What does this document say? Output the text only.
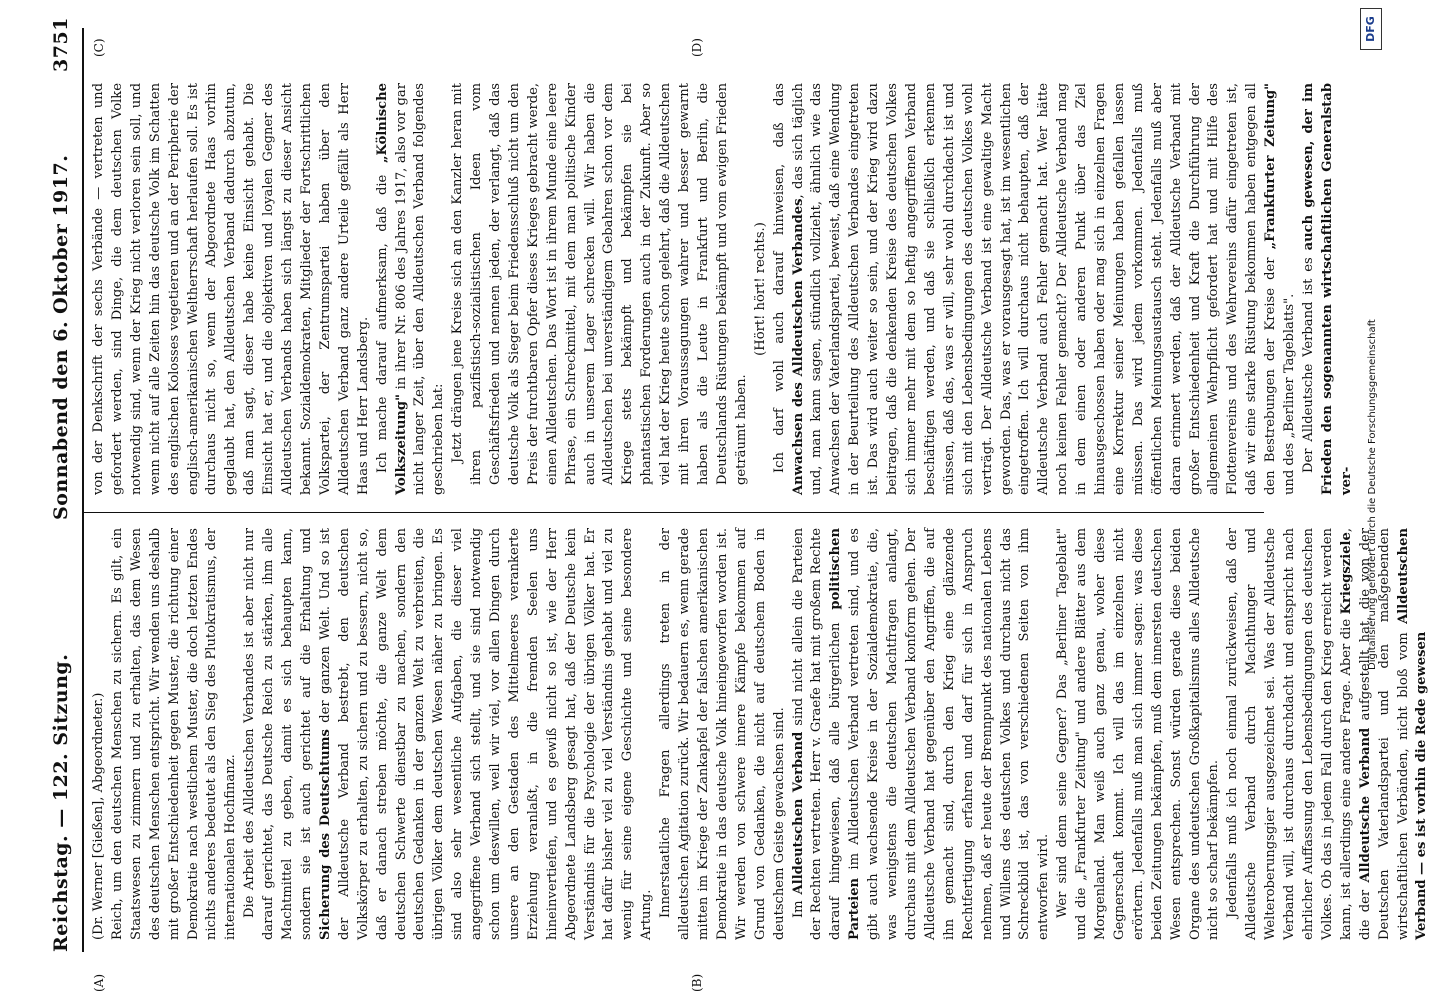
Reichstag. — 122. Sitzung.
Sonnabend den 6. Oktober 1917.
3751
(A)	(B)
(C)	(D)

(Dr. Werner [Gießen], Abgeordneter.) Reich, um den deutschen Menschen zu sichern. Es gilt, ein Staatswesen zu zimmern und zu erhalten, das dem Wesen des deutschen Menschen entspricht. Wir wenden uns deshalb mit großer Entschiedenheit gegen Muster, die richtung einer Demokratie nach westlichem Muster, die doch letzten Endes nichts anderes bedeutet als den Sieg des Plutokratismus, der internationalen Hochfinanz. Die Arbeit des Alldeutschen Verbandes ist aber nicht nur darauf gerichtet, das Deutsche Reich zu stärken, ihm alle Machtmittel zu geben, damit es sich behaupten kann, sondern sie ist auch gerichtet auf die Erhaltung und Sicherung des Deutschtums der ganzen Welt. Und so ist der Alldeutsche Verband bestrebt, den deutschen Volkskörper zu erhalten, zu sichern und zu bessern, nicht so, daß er danach streben möchte, die ganze Welt dem deutschen Schwerte dienstbar zu machen, sondern den deutschen Gedanken in der ganzen Welt zu verbreiten, die übrigen Völker dem deutschen Wesen näher zu bringen. Es sind also sehr wesentliche Aufgaben, die dieser viel angegriffene Verband sich stellt, und sie sind notwendig schon um deswillen, weil wir viel, vor allen Dingen durch unsere an den Gestaden des Mittelmeeres verankerte Erziehung veranlaßt, in die fremden Seelen uns hineinvertiefen, und es gewiß nicht so ist, wie der Herr Abgeordnete Landsberg gesagt hat, daß der Deutsche kein Verständnis für die Psychologie der übrigen Völker hat. Er hat dafür bisher viel zu viel Verständnis gehabt und viel zu wenig für seine eigene Geschichte und seine besondere Artung. Innerstaatliche Fragen allerdings treten in der alldeutschen Agitation zurück. Wir bedauern es, wenn gerade mitten im Kriege der Zankapfel der falschen amerikanischen Demokratie in das deutsche Volk hineingeworfen worden ist. Wir werden von schwere innere Kämpfe bekommen auf Grund von Gedanken, die nicht auf deutschem Boden in deutschem Geiste gewachsen sind. Im Alldeutschen Verband sind nicht allein die Parteien der Rechten vertreten. Herr v. Graefe hat mit großem Rechte darauf hingewiesen, daß alle bürgerlichen politischen Parteien im Alldeutschen Verband vertreten sind, und es gibt auch wachsende Kreise in der Sozialdemokratie, die, was wenigstens die deutschen Machtfragen anlangt, durchaus mit dem Alldeutschen Verband konform gehen. Der Alldeutsche Verband hat gegenüber den Angriffen, die auf ihn gemacht sind, durch den Krieg eine glänzende Rechtfertigung erfahren und darf für sich in Anspruch nehmen, daß er heute der Brennpunkt des nationalen Lebens und Willens des deutschen Volkes und durchaus nicht das Schreckbild ist, das von verschiedenen Seiten von ihm entworfen wird. Wer sind denn seine Gegner? Das „Berliner Tageblatt" und die „Frankfurter Zeitung" und andere Blätter aus dem Morgenland. Man weiß auch ganz genau, woher diese Gegnerschaft kommt. Ich will das im einzelnen nicht erörtern. Jedenfalls muß man sich immer sagen: was diese beiden Zeitungen bekämpfen, muß dem innersten deutschen Wesen entsprechen. Sonst würden gerade diese beiden Organe des undeutschen Großkapitalismus alles Alldeutsche nicht so scharf bekämpfen. Jedenfalls muß ich noch einmal zurückweisen, daß der Alldeutsche Verband durch Machthunger und Welteroberungsgier ausgezeichnet sei. Was der Alldeutsche Verband will, ist durchaus durchdacht und entspricht nach ehrlicher Auffassung den Lebensbedingungen des deutschen Volkes. Ob das in jedem Fall durch den Krieg erreicht werden kann, ist allerdings eine andere Frage. Aber die Kriegsziele, die der Alldeutsche Verband aufgestellt hat, die von der Deutschen Vaterlandspartei und den maßgebenden wirtschaftlichen Verbänden, nicht bloß vom Alldeutschen Verband — es ist vorhin die Rede gewesen

von der Denkschrift der sechs Verbände — vertreten und gefordert werden, sind Dinge, die dem deutschen Volke notwendig sind, wenn der Krieg nicht verloren sein soll, und wenn nicht auf alle Zeiten hin das deutsche Volk im Schatten des englischen Kolosses vegetieren und an der Peripherie der englisch-amerikanischen Weltherrschaft herlaufen soll. Es ist durchaus nicht so, wenn der Abgeordnete Haas vorhin geglaubt hat, den Alldeutschen Verband dadurch abzutun, daß man sagt, dieser habe keine Einsicht gehabt. Die Einsicht hat er, und die objektiven und loyalen Gegner des Alldeutschen Verbands haben sich längst zu dieser Ansicht bekannt. Sozialdemokraten, Mitglieder der Fortschrittlichen Volkspartei, der Zentrumspartei haben über den Alldeutschen Verband ganz andere Urteile gefällt als Herr Haas und Herr Landsberg. Ich mache darauf aufmerksam, daß die „Kölnische Volkszeitung" in ihrer Nr. 806 des Jahres 1917, also vor gar nicht langer Zeit, über den Alldeutschen Verband folgendes geschrieben hat: Jetzt drängen jene Kreise sich an den Kanzler heran mit ihren pazifistisch-sozialistischen Ideen vom Geschäftsfrieden und nennen jeden, der verlangt, daß das deutsche Volk als Sieger beim Friedensschluß nicht um den Preis der furchtbaren Opfer dieses Krieges gebracht werde, einen Alldeutschen. Das Wort ist in ihrem Munde eine leere Phrase, ein Schreckmittel, mit dem man politische Kinder auch in unserem Lager schrecken will. Wir haben die Alldeutschen bei unverständigem Gebahren schon vor dem Kriege stets bekämpft und bekämpfen sie bei phantastischen Forderungen auch in der Zukunft. Aber so viel hat der Krieg heute schon gelehrt, daß die Alldeutschen mit ihren Voraussagungen wahrer und besser gewarnt haben als die Leute in Frankfurt und Berlin, die Deutschlands Rüstungen bekämpft und vom ewigen Frieden geträumt haben.

(Hört! hört! rechts.) Ich darf wohl auch darauf hinweisen, daß das Anwachsen des Alldeutschen Verbandes, das sich täglich und, man kann sagen, stündlich vollzieht, ähnlich wie das Anwachsen der Vaterlandspartei, beweist, daß eine Wendung in der Beurteilung des Alldeutschen Verbandes eingetreten ist. Das wird auch weiter so sein, und der Krieg wird dazu beitragen, daß die denkenden Kreise des deutschen Volkes sich immer mehr mit dem so heftig angegriffenen Verband beschäftigen werden, und daß sie schließlich erkennen müssen, daß das, was er will, sehr wohl durchdacht ist und sich mit den Lebensbedingungen des deutschen Volkes wohl verträgt. Der Alldeutsche Verband ist eine gewaltige Macht geworden. Das, was er vorausgesagt hat, ist im wesentlichen eingetroffen. Ich will durchaus nicht behaupten, daß der Alldeutsche Verband auch Fehler gemacht hat. Wer hätte noch keinen Fehler gemacht? Der Alldeutsche Verband mag in dem einen oder anderen Punkt über das Ziel hinausgeschossen haben oder mag sich in einzelnen Fragen eine Korrektur seiner Meinungen haben gefallen lassen müssen. Das wird jedem vorkommen. Jedenfalls muß öffentlichen Meinungsaustausch steht. Jedenfalls muß aber daran erinnert werden, daß der Alldeutsche Verband mit großer Entschiedenheit und Kraft die Durchführung der allgemeinen Wehrpflicht gefordert hat und mit Hilfe des Flottenvereins und des Wehrvereins dafür eingetreten ist, daß wir eine starke Rüstung bekommen haben entgegen all den Bestrebungen der Kreise der „Frankfurter Zeitung" und des „Berliner Tageblatts". Der Alldeutsche Verband ist es auch gewesen, der im Frieden den sogenannten wirtschaftlichen Generalstab ver- Digitalisierung gefördert durch die Deutsche Forschungsgemeinschaft
DFG
